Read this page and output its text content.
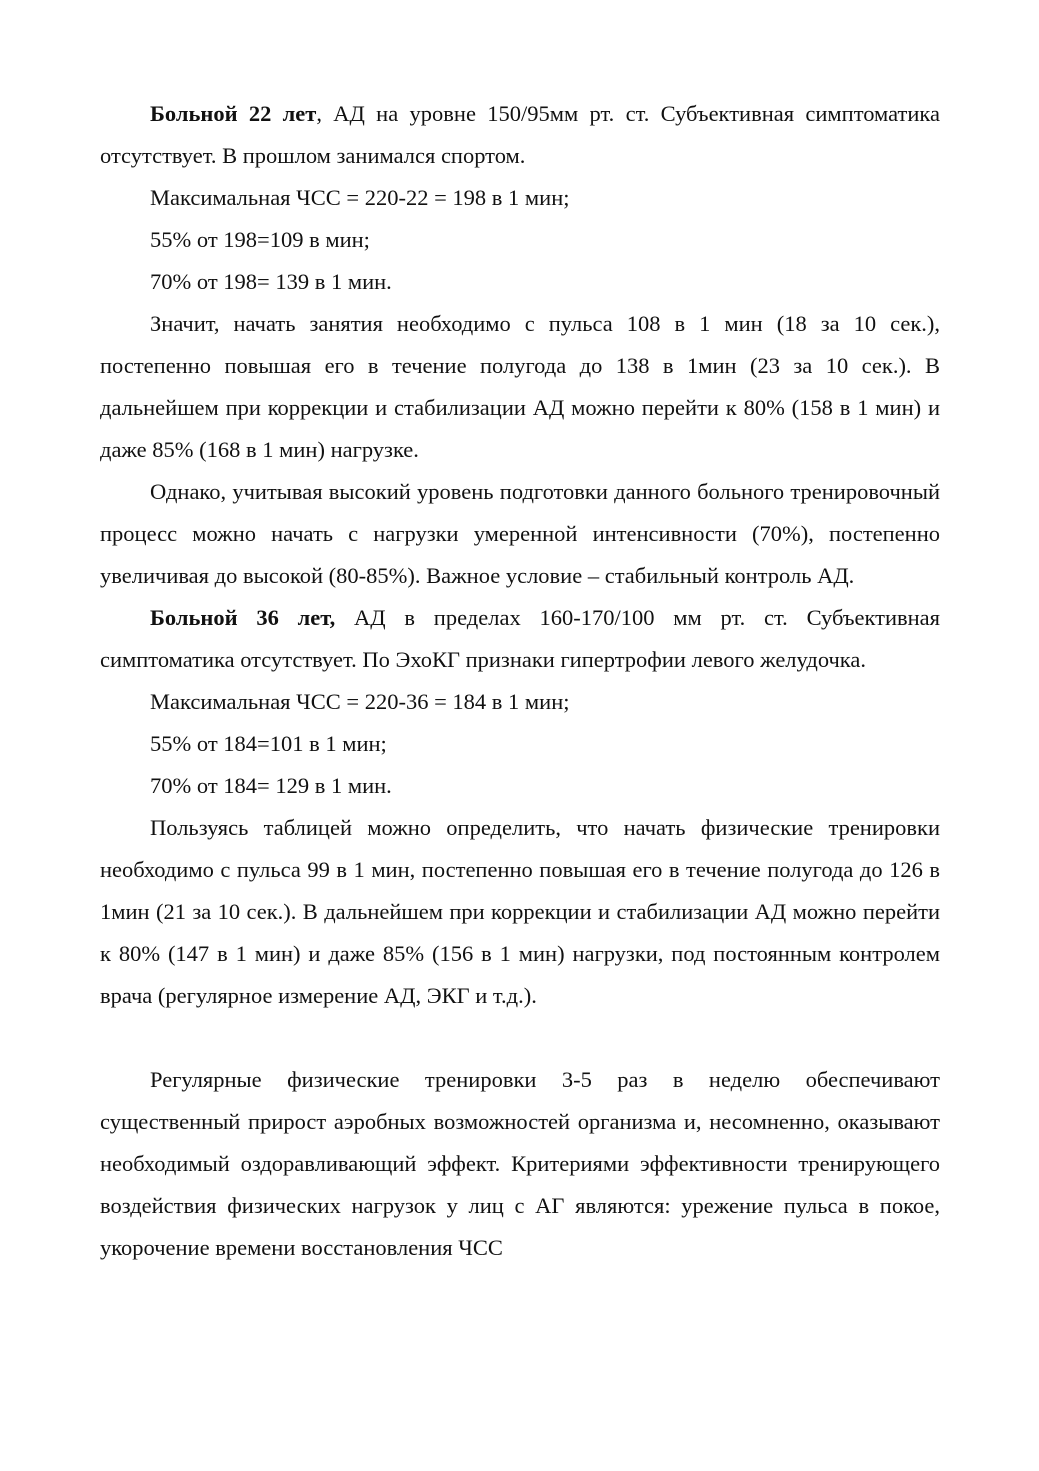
Больной 22 лет, АД на уровне 150/95мм рт. ст. Субъективная симптоматика отсутствует. В прошлом занимался спортом.

Максимальная ЧСС = 220-22 = 198 в 1 мин;

55% от 198=109 в мин;

70% от 198= 139 в 1 мин.

Значит, начать занятия необходимо с пульса 108 в 1 мин (18 за 10 сек.), постепенно повышая его в течение полугода до 138 в 1мин (23 за 10 сек.). В дальнейшем при коррекции и стабилизации АД можно перейти к 80% (158 в 1 мин) и даже 85% (168 в 1 мин) нагрузке.

Однако, учитывая высокий уровень подготовки данного больного тренировочный процесс можно начать с нагрузки умеренной интенсивности (70%), постепенно увеличивая до высокой (80-85%). Важное условие – стабильный контроль АД.

Больной 36 лет, АД в пределах 160-170/100 мм рт. ст. Субъективная симптоматика отсутствует. По ЭхоКГ признаки гипертрофии левого желудочка.

Максимальная ЧСС = 220-36 = 184 в 1 мин;

55% от 184=101 в 1 мин;

70% от 184= 129 в 1 мин.

Пользуясь таблицей можно определить, что начать физические тренировки необходимо с пульса 99 в 1 мин, постепенно повышая его в течение полугода до 126 в 1мин (21 за 10 сек.). В дальнейшем при коррекции и стабилизации АД можно перейти к 80% (147 в 1 мин) и даже 85% (156 в 1 мин) нагрузки, под постоянным контролем врача (регулярное измерение АД, ЭКГ и т.д.).

Регулярные физические тренировки 3-5 раз в неделю обеспечивают существенный прирост аэробных возможностей организма и, несомненно, оказывают необходимый оздоравливающий эффект. Критериями эффективности тренирующего воздействия физических нагрузок у лиц с АГ являются: урежение пульса в покое, укорочение времени восстановления ЧСС
